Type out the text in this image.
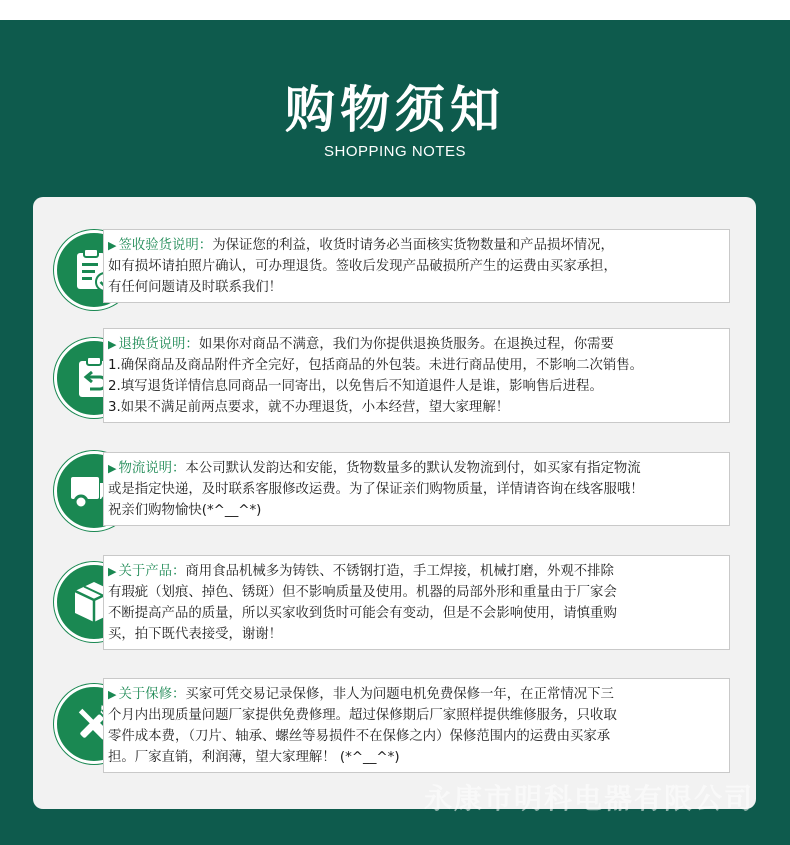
购物须知
SHOPPING NOTES

▶ 签收验货说明：为保证您的利益，收货时请务必当面核实货物数量和产品损坏情况，

如有损坏请拍照片确认，可办理退货。签收后发现产品破损所产生的运费由买家承担，

有任何问题请及时联系我们！

▶ 退换货说明：如果你对商品不满意，我们为你提供退换货服务。在退换过程，你需要

1.确保商品及商品附件齐全完好，包括商品的外包装。未进行商品使用，不影响二次销售。

2.填写退货详情信息同商品一同寄出，以免售后不知道退件人是谁，影响售后进程。

3.如果不满足前两点要求，就不办理退货，小本经营，望大家理解！

▶ 物流说明：本公司默认发韵达和安能，货物数量多的默认发物流到付，如买家有指定物流

或是指定快递，及时联系客服修改运费。为了保证亲们购物质量，详情请咨询在线客服哦！

祝亲们购物愉快(*^__^*)

▶ 关于产品：商用食品机械多为铸铁、不锈钢打造，手工焊接，机械打磨，外观不排除

有瑕疵（划痕、掉色、锈斑）但不影响质量及使用。机器的局部外形和重量由于厂家会

不断提高产品的质量，所以买家收到货时可能会有变动，但是不会影响使用，请慎重购

买，拍下既代表接受，谢谢！

▶ 关于保修：买家可凭交易记录保修，非人为问题电机免费保修一年，在正常情况下三

个月内出现质量问题厂家提供免费修理。超过保修期后厂家照样提供维修服务，只收取

零件成本费，（刀片、轴承、螺丝等易损件不在保修之内）保修范围内的运费由买家承

担。厂家直销，利润薄，望大家理解！ (*^__^*)

永康市明科电器有限公司
